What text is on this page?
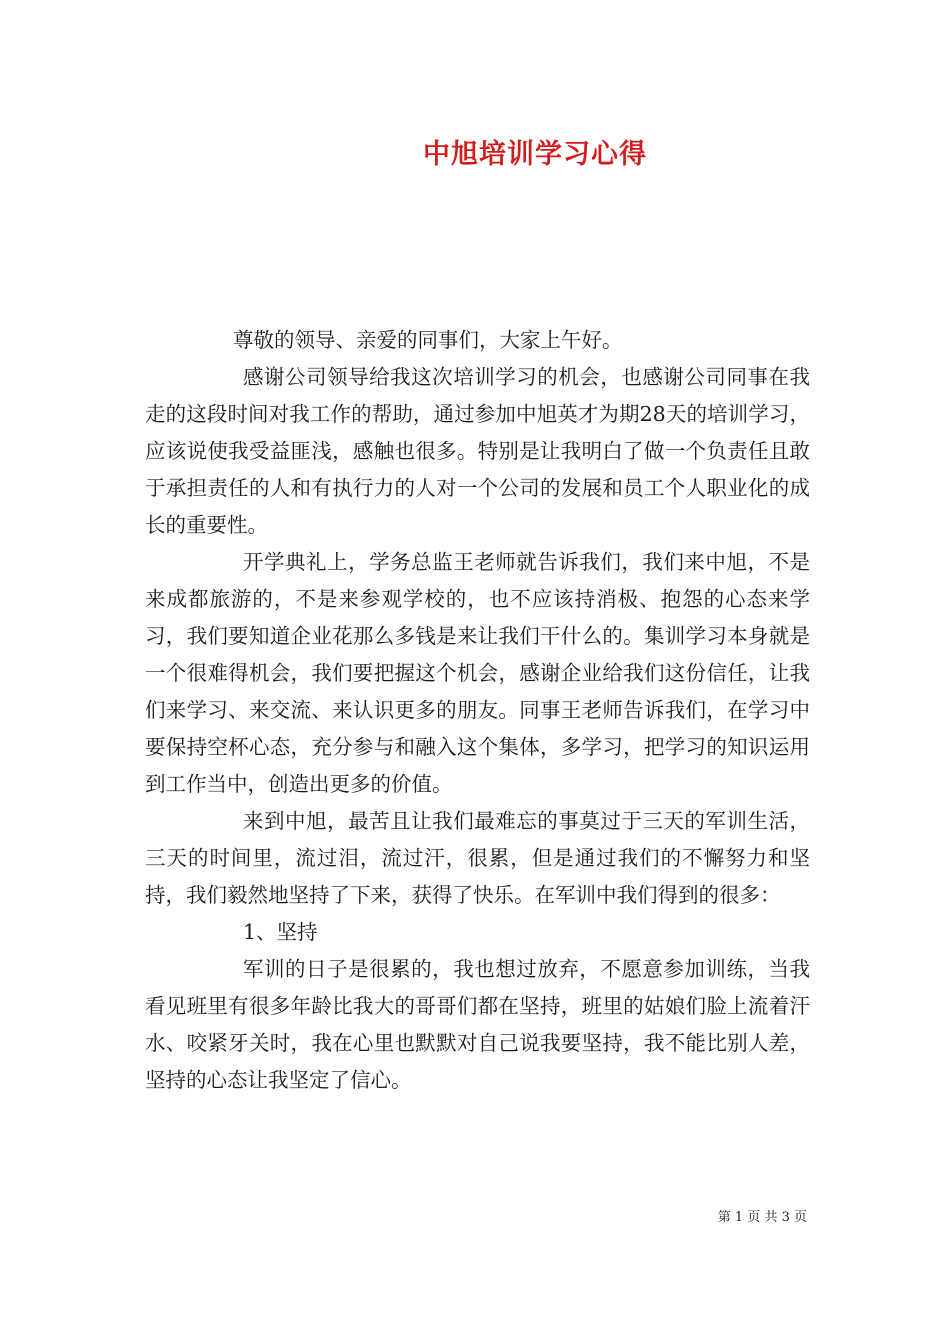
中旭培训学习心得

尊敬的领导、亲爱的同事们，大家上午好。

感谢公司领导给我这次培训学习的机会，也感谢公司同事在我走的这段时间对我工作的帮助，通过参加中旭英才为期28天的培训学习，应该说使我受益匪浅，感触也很多。特别是让我明白了做一个负责任且敢于承担责任的人和有执行力的人对一个公司的发展和员工个人职业化的成长的重要性。

开学典礼上，学务总监王老师就告诉我们，我们来中旭，不是来成都旅游的，不是来参观学校的，也不应该持消极、抱怨的心态来学习，我们要知道企业花那么多钱是来让我们干什么的。集训学习本身就是一个很难得机会，我们要把握这个机会，感谢企业给我们这份信任，让我们来学习、来交流、来认识更多的朋友。同事王老师告诉我们，在学习中要保持空杯心态，充分参与和融入这个集体，多学习，把学习的知识运用到工作当中，创造出更多的价值。

来到中旭，最苦且让我们最难忘的事莫过于三天的军训生活，三天的时间里，流过泪，流过汗，很累，但是通过我们的不懈努力和坚持，我们毅然地坚持了下来，获得了快乐。在军训中我们得到的很多：

1、坚持

军训的日子是很累的，我也想过放弃，不愿意参加训练，当我看见班里有很多年龄比我大的哥哥们都在坚持，班里的姑娘们脸上流着汗水、咬紧牙关时，我在心里也默默对自己说我要坚持，我不能比别人差，坚持的心态让我坚定了信心。

第 1 页 共 3 页
